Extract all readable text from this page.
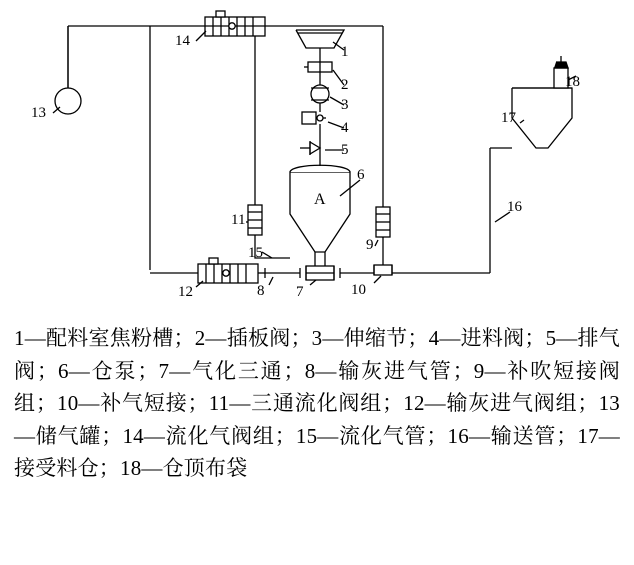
A
1
2
3
4
5
6
7
8
9
10
11
12
13
14
15
16
17
18
1—配料室焦粉槽；2—插板阀；3—伸缩节；4—进料阀；5—排气阀；6—仓泵；7—气化三通；8—输灰进气管；9—补吹短接阀组；10—补气短接；11—三通流化阀组；12—输灰进气阀组；13—储气罐；14—流化气阀组；15—流化气管；16—输送管；17—接受料仓；18—仓顶布袋
